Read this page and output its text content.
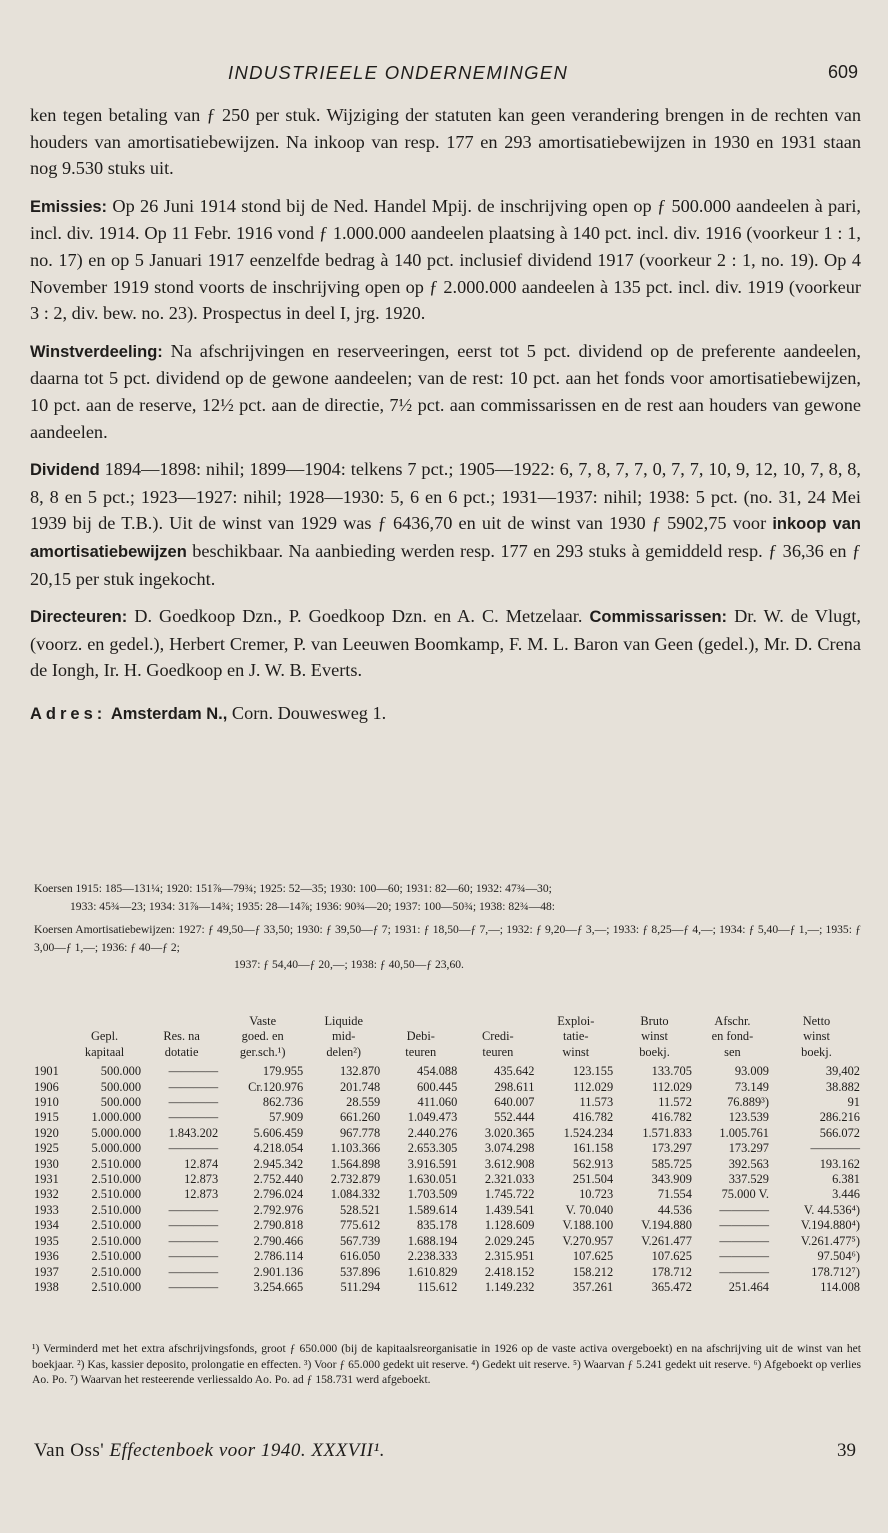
INDUSTRIEELE ONDERNEMINGEN	609

ken tegen betaling van ƒ 250 per stuk. Wijziging der statuten kan geen verandering brengen in de rechten van houders van amortisatiebewijzen. Na inkoop van resp. 177 en 293 amortisatiebewijzen in 1930 en 1931 staan nog 9.530 stuks uit.

Emissies: Op 26 Juni 1914 stond bij de Ned. Handel Mpij. de inschrijving open op ƒ 500.000 aandeelen à pari, incl. div. 1914. Op 11 Febr. 1916 vond ƒ 1.000.000 aandeelen plaatsing à 140 pct. incl. div. 1916 (voorkeur 1 : 1, no. 17) en op 5 Januari 1917 eenzelfde bedrag à 140 pct. inclusief dividend 1917 (voorkeur 2 : 1, no. 19). Op 4 November 1919 stond voorts de inschrijving open op ƒ 2.000.000 aandeelen à 135 pct. incl. div. 1919 (voorkeur 3 : 2, div. bew. no. 23). Prospectus in deel I, jrg. 1920.

Winstverdeeling: Na afschrijvingen en reserveeringen, eerst tot 5 pct. dividend op de preferente aandeelen, daarna tot 5 pct. dividend op de gewone aandeelen; van de rest: 10 pct. aan het fonds voor amortisatiebewijzen, 10 pct. aan de reserve, 12½ pct. aan de directie, 7½ pct. aan commissarissen en de rest aan houders van gewone aandeelen.

Dividend 1894—1898: nihil; 1899—1904: telkens 7 pct.; 1905—1922: 6, 7, 8, 7, 7, 0, 7, 7, 10, 9, 12, 10, 7, 8, 8, 8, 8 en 5 pct.; 1923—1927: nihil; 1928—1930: 5, 6 en 6 pct.; 1931—1937: nihil; 1938: 5 pct. (no. 31, 24 Mei 1939 bij de T.B.). Uit de winst van 1929 was ƒ 6436,70 en uit de winst van 1930 ƒ 5902,75 voor inkoop van amortisatiebewijzen beschikbaar. Na aanbieding werden resp. 177 en 293 stuks à gemiddeld resp. ƒ 36,36 en ƒ 20,15 per stuk ingekocht.

Directeuren: D. Goedkoop Dzn., P. Goedkoop Dzn. en A. C. Metzelaar. Commissarissen: Dr. W. de Vlugt, (voorz. en gedel.), Herbert Cremer, P. van Leeuwen Boomkamp, F. M. L. Baron van Geen (gedel.), Mr. D. Crena de Iongh, Ir. H. Goedkoop en J. W. B. Everts.

Adres: Amsterdam N., Corn. Douwesweg 1.

Koersen 1915: 185—131¼; 1920: 151⅞—79¾; 1925: 52—35; 1930: 100—60; 1931: 82—60; 1932: 47¾—30;
1933: 45¾—23; 1934: 31⅞—14¾; 1935: 28—14⅞; 1936: 90¾—20; 1937: 100—50¾; 1938: 82¾—48:

Koersen Amortisatiebewijzen: 1927: ƒ 49,50—ƒ 33,50; 1930: ƒ 39,50—ƒ 7; 1931: ƒ 18,50—ƒ 7,—; 1932: ƒ 9,20—ƒ 3,—; 1933: ƒ 8,25—ƒ 4,—; 1934: ƒ 5,40—ƒ 1,—; 1935: ƒ 3,00—ƒ 1,—; 1936: ƒ 40—ƒ 2;
1937: ƒ 54,40—ƒ 20,—; 1938: ƒ 40,50—ƒ 23,60.

	Gepl.
kapitaal	Res. na
dotatie	Vaste
goed. en
ger.sch.¹)	Liquide
mid-
delen²)	Debi-
teuren	Credi-
teuren	Exploi-
tatie-
winst	Bruto
winst
boekj.	Afschr.
en fond-
sen	Netto
winst
boekj.

1901	500.000	————	179.955	132.870	454.088	435.642	123.155	133.705	93.009	39,402
1906	500.000	————	Cr.120.976	201.748	600.445	298.611	112.029	112.029	73.149	38.882
1910	500.000	————	862.736	28.559	411.060	640.007	11.573	11.572	76.889³)	91
1915	1.000.000	————	57.909	661.260	1.049.473	552.444	416.782	416.782	123.539	286.216
1920	5.000.000	1.843.202	5.606.459	967.778	2.440.276	3.020.365	1.524.234	1.571.833	1.005.761	566.072
1925	5.000.000	————	4.218.054	1.103.366	2.653.305	3.074.298	161.158	173.297	173.297	————
1930	2.510.000	12.874	2.945.342	1.564.898	3.916.591	3.612.908	562.913	585.725	392.563	193.162
1931	2.510.000	12.873	2.752.440	2.732.879	1.630.051	2.321.033	251.504	343.909	337.529	6.381
1932	2.510.000	12.873	2.796.024	1.084.332	1.703.509	1.745.722	10.723	71.554	75.000 V.	3.446
1933	2.510.000	————	2.792.976	528.521	1.589.614	1.439.541	V. 70.040	44.536	————	V. 44.536⁴)
1934	2.510.000	————	2.790.818	775.612	835.178	1.128.609	V.188.100	V.194.880	————	V.194.880⁴)
1935	2.510.000	————	2.790.466	567.739	1.688.194	2.029.245	V.270.957	V.261.477	————	V.261.477⁵)
1936	2.510.000	————	2.786.114	616.050	2.238.333	2.315.951	107.625	107.625	————	97.504⁶)
1937	2.510.000	————	2.901.136	537.896	1.610.829	2.418.152	158.212	178.712	————	178.712⁷)
1938	2.510.000	————	3.254.665	511.294	115.612	1.149.232	357.261	365.472	251.464	114.008
¹) Verminderd met het extra afschrijvingsfonds, groot ƒ 650.000 (bij de kapitaalsreorganisatie in 1926 op de vaste activa overgeboekt) en na afschrijving uit de winst van het boekjaar. ²) Kas, kassier deposito, prolongatie en effecten. ³) Voor ƒ 65.000 gedekt uit reserve. ⁴) Gedekt uit reserve. ⁵) Waarvan ƒ 5.241 gedekt uit reserve. ⁶) Afgeboekt op verlies Ao. Po. ⁷) Waarvan het resteerende verliessaldo Ao. Po. ad ƒ 158.731 werd afgeboekt.
Van Oss' Effectenboek voor 1940. XXXVII¹.	39
